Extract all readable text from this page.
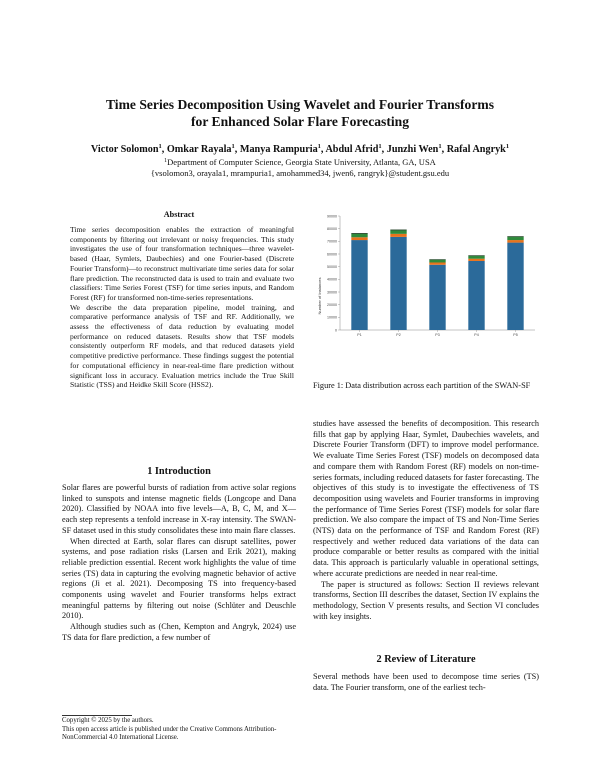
Time Series Decomposition Using Wavelet and Fourier Transforms
for Enhanced Solar Flare Forecasting
Victor Solomon$^1$, Omkar Rayala$^1$, Manya Rampuria$^1$, Abdul Afrid$^1$, Junzhi Wen$^1$, Rafal Angryk$^1$
$^1$Department of Computer Science, Georgia State University, Atlanta, GA, USA
{vsolomon3, orayala1, mrampuria1, amohammed34, jwen6, rangryk}@student.gsu.edu
Abstract

Time series decomposition enables the extraction of meaningful components by filtering out irrelevant or noisy frequencies. This study investigates the use of four transformation techniques—three wavelet-based (Haar, Symlets, Daubechies) and one Fourier-based (Discrete Fourier Transform)—to reconstruct multivariate time series data for solar flare prediction. The reconstructed data is used to train and evaluate two classifiers: Time Series Forest (TSF) for time series inputs, and Random Forest (RF) for transformed non-time-series representations.

We describe the data preparation pipeline, model training, and comparative performance analysis of TSF and RF. Additionally, we assess the effectiveness of data reduction by evaluating model performance on reduced datasets. Results show that TSF models consistently outperform RF models, and that reduced datasets yield competitive predictive performance. These findings suggest the potential for computational efficiency in near-real-time flare prediction without significant loss in accuracy. Evaluation metrics include the True Skill Statistic (TSS) and Heidke Skill Score (HSS2).

1 Introduction

Solar flares are powerful bursts of radiation from active solar regions linked to sunspots and intense magnetic fields (Longcope and Dana 2020). Classified by NOAA into five levels—A, B, C, M, and X—each step represents a tenfold increase in X-ray intensity. The SWAN-SF dataset used in this study consolidates these into main flare classes.

When directed at Earth, solar flares can disrupt satellites, power systems, and pose radiation risks (Larsen and Erik 2021), making reliable prediction essential. Recent work highlights the value of time series (TS) data in capturing the evolving magnetic behavior of active regions (Ji et al. 2021). Decomposing TS into frequency-based components using wavelet and Fourier transforms helps extract meaningful patterns by filtering out noise (Schlüter and Deuschle 2010).

Although studies such as (Chen, Kempton and Angryk, 2024) use TS data for flare prediction, a few number of

Copyright © 2025 by the authors.
This open access article is published under the Creative Commons Attribution-NonCommercial 4.0 International License.
Number of Instances
0
10000
20000
30000
40000
50000
60000
70000
80000
90000
P1	P2	P3	P4	P5
Figure 1: Data distribution across each partition of the SWAN-SF

studies have assessed the benefits of decomposition. This research fills that gap by applying Haar, Symlet, Daubechies wavelets, and Discrete Fourier Transform (DFT) to improve model performance. We evaluate Time Series Forest (TSF) models on decomposed data and compare them with Random Forest (RF) models on non-time-series formats, including reduced datasets for faster forecasting. The objectives of this study is to investigate the effectiveness of TS decomposition using wavelets and Fourier transforms in improving the performance of Time Series Forest (TSF) models for solar flare prediction. We also compare the impact of TS and Non-Time Series (NTS) data on the performance of TSF and Random Forest (RF) respectively and wether reduced data variations of the data can produce comparable or better results as compared with the initial data. This approach is particularly valuable in operational settings, where accurate predictions are needed in near real-time.

The paper is structured as follows: Section II reviews relevant transforms, Section III describes the dataset, Section IV explains the methodology, Section V presents results, and Section VI concludes with key insights.

2 Review of Literature

Several methods have been used to decompose time series (TS) data. The Fourier transform, one of the earliest tech-
